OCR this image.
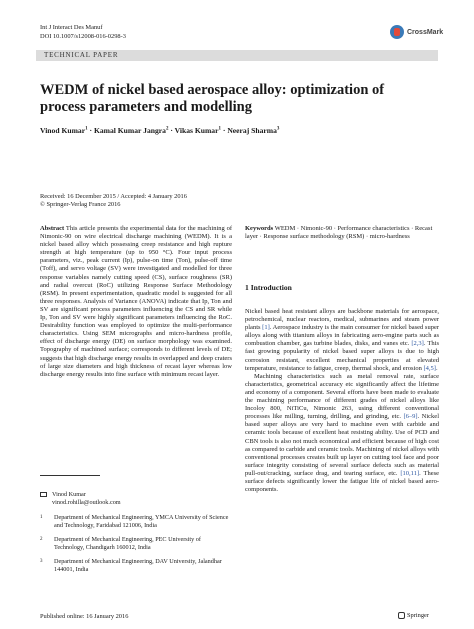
Int J Interact Des Manuf
DOI 10.1007/s12008-016-0298-3
CrossMark
TECHNICAL PAPER
WEDM of nickel based aerospace alloy: optimization of process parameters and modelling
Vinod Kumar$^1$ · Kamal Kumar Jangra$^2$ · Vikas Kumar$^1$ · Neeraj Sharma$^3$
Received: 16 December 2015 / Accepted: 4 January 2016
© Springer-Verlag France 2016
Abstract This article presents the experimental data for the machining of Nimonic-90 on wire electrical discharge machining (WEDM). It is a nickel based alloy which possessing creep resistance and high rupture strength at high temperature (up to 950 °C). Four input process parameters, viz., peak current (Ip), pulse-on time (Ton), pulse-off time (Toff), and servo voltage (SV) were investigated and modelled for three response variables namely cutting speed (CS), surface roughness (SR) and radial overcut (RoC) utilizing Response Surface Methodology (RSM). In present experimentation, quadratic model is suggested for all three responses. Analysis of Variance (ANOVA) indicate that Ip, Ton and SV are significant process parameters influencing the CS and SR while Ip, Ton and SV were highly significant parameters influencing the RoC. Desirability function was employed to optimize the multi-performance characteristics. Using SEM micrographs and micro-hardness profile, effect of discharge energy (DE) on surface morphology was examined. Topography of machined surface; corresponds to different levels of DE; suggests that high discharge energy results in overlapped and deep craters of large size diameters and high thickness of recast layer whereas low discharge energy results into fine surface with minimum recast layer.
Vinod Kumar
vinod.rohilla@outlook.com
1 Department of Mechanical Engineering, YMCA University of Science and Technology, Faridabad 121006, India
2 Department of Mechanical Engineering, PEC University of Technology, Chandigarh 160012, India
3 Department of Mechanical Engineering, DAV University, Jalandhar 144001, India
Published online: 16 January 2016	Springer
Keywords WEDM · Nimonic-90 · Performance characteristics · Recast layer · Response surface methodology (RSM) · micro-hardness
1 Introduction

Nickel based heat resistant alloys are backbone materials for aerospace, petrochemical, nuclear reactors, medical, submarines and steam power plants [1]. Aerospace industry is the main consumer for nickel based super alloys along with titanium alloys in fabricating aero-engine parts such as combustion chamber, gas turbine blades, disks, and vanes etc. [2,3]. This fast growing popularity of nickel based super alloys is due to high corrosion resistant, excellent mechanical properties at elevated temperature, resistance to fatigue, creep, thermal shock, and erosion [4,5].

Machining characteristics such as metal removal rate, surface characteristics, geometrical accuracy etc significantly affect the lifetime and economy of a component. Several efforts have been made to evaluate the machining performance of different grades of nickel alloys like Incoloy 800, NiTiCu, Nimonic 263, using different conventional processes like milling, turning, drilling, and grinding, etc. [6–9]. Nickel based super alloys are very hard to machine even with carbide and ceramic tools because of excellent heat resisting ability. Use of PCD and CBN tools is also not much economical and efficient because of high cost as compared to carbide and ceramic tools. Machining of nickel alloys with conventional processes creates built up layer on cutting tool face and poor surface integrity consisting of several surface defects such as material pull-out/cracking, surface drag, and tearing surface, etc. [10,11]. These surface defects significantly lower the fatigue life of nickel based aero-components.
